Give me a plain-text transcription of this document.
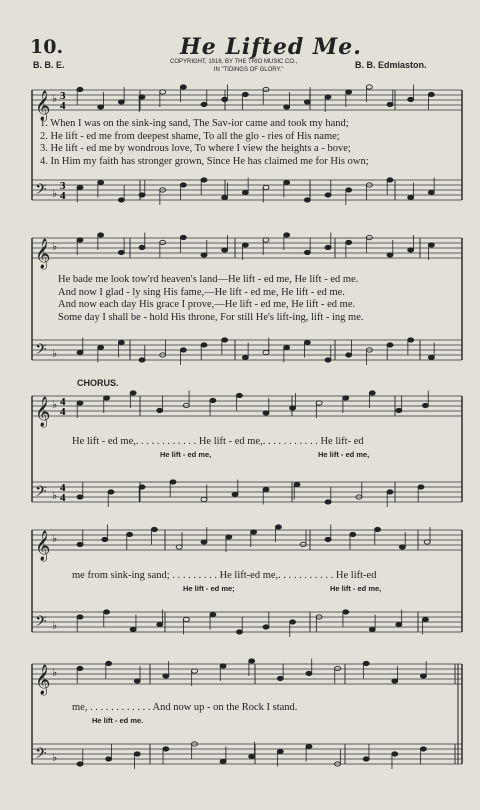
𝄞 ♭ 3
4
𝄢 ♭
3
4
𝄞 ♭
𝄢 ♭
𝄞 ♭ 4
4
𝄢 ♭
4
4
𝄞 ♭
𝄢 ♭
𝄞 ♭
𝄢 ♭
10.	He Lifted Me.
B. B. E.	B. B. Edmiaston.
COPYRIGHT, 1916, BY THE TRIO MUSIC CO.,
IN "TIDINGS OF GLORY."
1. When I was on the sink-ing sand, The Sav-ior came and took my hand;
2. He lift - ed me from deepest shame, To all the glo - ries of His name;
3. He lift - ed me by wondrous love, To where I view the heights a - bove;
4. In Him my faith has stronger grown, Since He has claimed me for His own;
He bade me look tow'rd heaven's land—He lift - ed me, He lift - ed me.
And now I glad - ly sing His fame,—He lift - ed me, He lift - ed me.
And now each day His grace I prove,—He lift - ed me, He lift - ed me.
Some day I shall be - hold His throne, For still He's lift-ing, lift - ing me.
CHORUS.
He lift - ed me,. . . . . . . . . . . . He lift - ed me,. . . . . . . . . . . He lift- ed
He lift - ed me,	He lift - ed me,
me from sink-ing sand; . . . . . . . . . He lift-ed me,. . . . . . . . . . . He lift-ed
He lift - ed me;	He lift - ed me,
me, . . . . . . . . . . . . And now up - on the Rock I stand.
He lift - ed me.
